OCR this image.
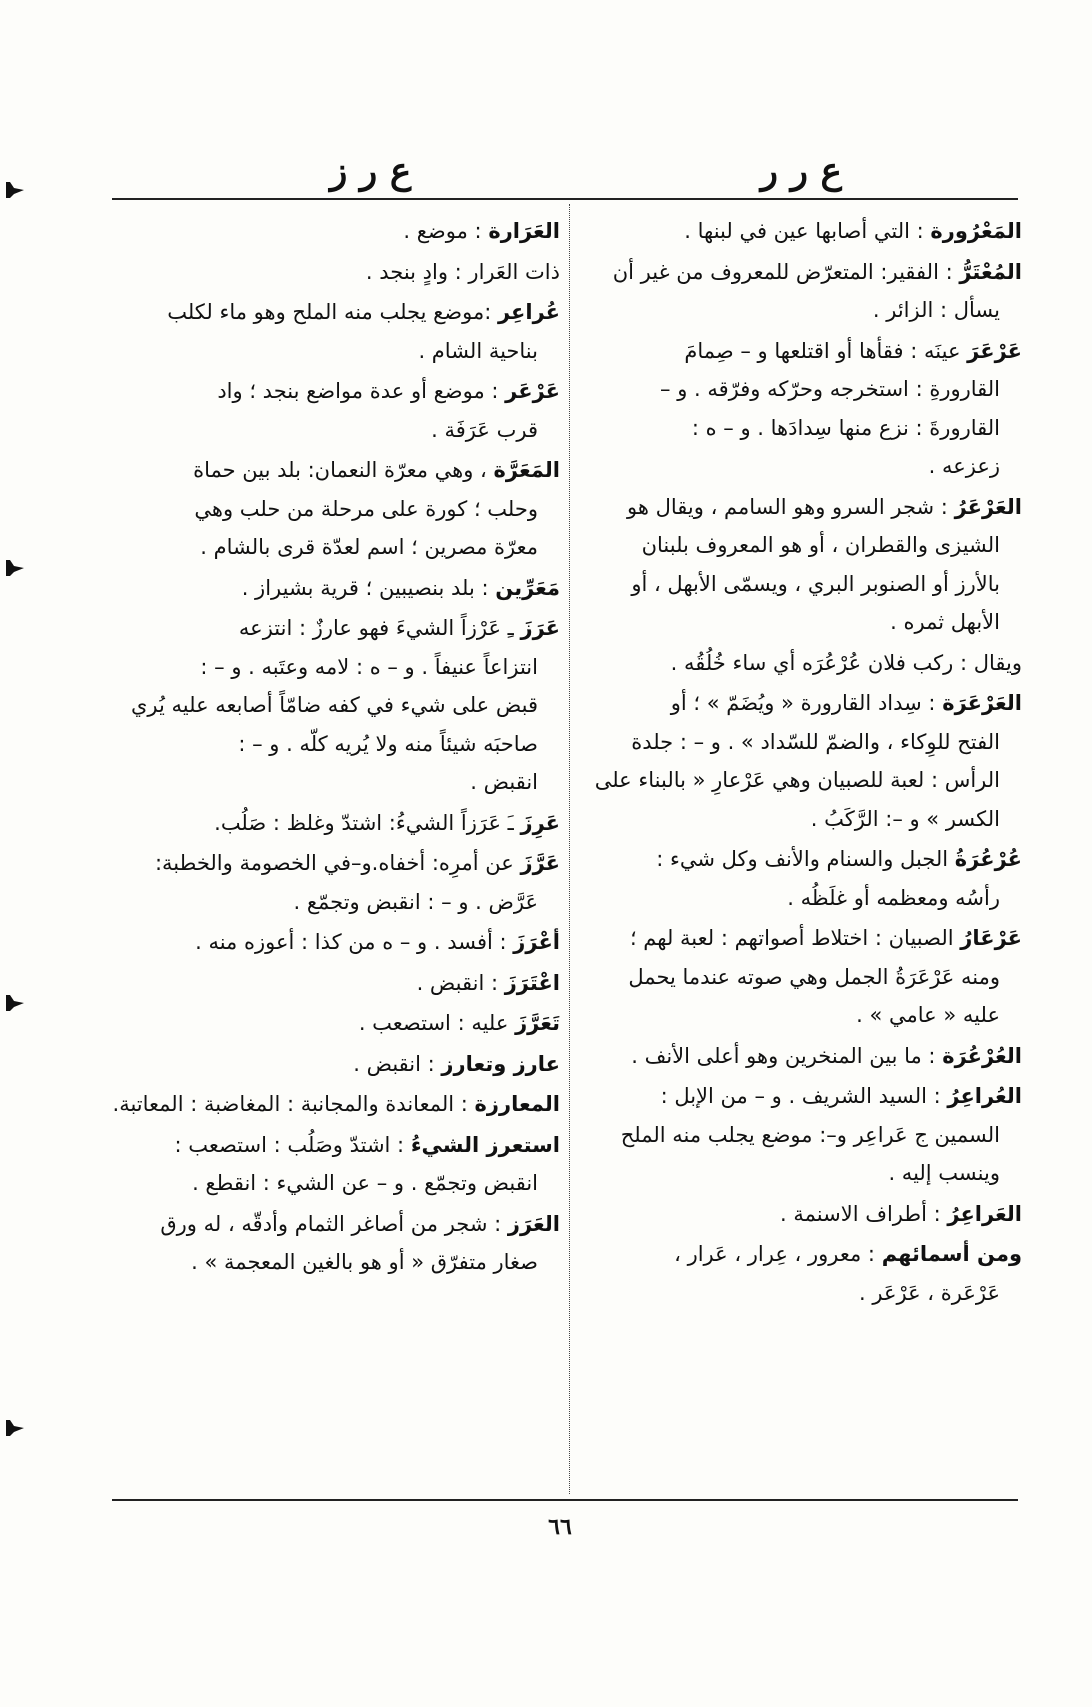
ع ر ر
ع ر ز
المَعْرُورة : التي أصابها عين في لبنها .
المُعْتَرُّ : الفقير: المتعرّض للمعروف من غير أن
يسأل : الزائر .
عَرْعَرَ عينَه : فقأها أو اقتلعها و – صِمامَ
القارورةِ : استخرجه وحرّكه وفرّقه . و –
القارورةَ : نزع منها سِدادَها . و – ه :
زعزعه .
العَرْعَرُ : شجر السرو وهو السامم ، ويقال هو
الشيزى والقطران ، أو هو المعروف بلبنان
بالأرز أو الصنوبر البري ، ويسمّى الأبهل ، أو
الأبهل ثمره .
ويقال : ركب فلان عُرْعُرَه أي ساء خُلُقُه .
العَرْعَرَة : سِداد القارورة « ويُضَمّ » ؛ أو
الفتح للوِكاء ، والضمّ للسّداد » . و – : جلدة
الرأس : لعبة للصبيان وهي عَرْعارِ « بالبناء على
الكسر » و –: الرَّكَبُ .
عُرْعُرَةُ الجبل والسنام والأنف وكل شيء :
رأسُه ومعظمه أو غلَظُه .
عَرْعَارُ الصبيان : اختلاط أصواتهم : لعبة لهم ؛
ومنه عَرْعَرَةُ الجمل وهي صوته عندما يحمل
عليه « عامي » .
العُرْعُرَة : ما بين المنخرين وهو أعلى الأنف .
العُراعِرُ : السيد الشريف . و – من الإبل :
السمين ج عَراعِر و–: موضع يجلب منه الملح
وينسب إليه .
العَراعِرُ : أطراف الاسنمة .
ومن أسمائهم : معرور ، عِرار ، عَرار ،
عَرْعَرة ، عَرْعَر .
العَرَارة : موضع .
ذات العَرار : وادٍ بنجد .
عُراعِر :موضع يجلب منه الملح وهو ماء لكلب
بناحية الشام .
عَرْعَر : موضع أو عدة مواضع بنجد ؛ واد
قرب عَرَفَة .
المَعَرَّة ، وهي معرّة النعمان: بلد بين حماة
وحلب ؛ كورة على مرحلة من حلب وهي
معرّة مصرين ؛ اسم لعدّة قرى بالشام .
مَعَرِّين : بلد بنصيبين ؛ قرية بشيراز .
عَرَزَ ـِ عَرْزاً الشيءَ فهو عارزٌ : انتزعه
انتزاعاً عنيفاً . و – ه : لامه وعتَبه . و – :
قبض على شيء في كفه ضامّاً أصابعه عليه يُري
صاحبَه شيئاً منه ولا يُريه كلّه . و – :
انقبض .
عَرِزَ ـَ عَرَزاً الشيءُ: اشتدّ وغلظ : صَلُب.
عَرَّزَ عن أمرِه: أخفاه.و–في الخصومة والخطبة:
عَرَّض . و – : انقبض وتجمّع .
أعْرَزَ : أفسد . و – ه من كذا : أعوزه منه .
اعْتَرَزَ : انقبض .
تَعَرَّزَ عليه : استصعب .
عارز وتعارز : انقبض .
المعارزة : المعاندة والمجانبة : المغاضبة : المعاتبة.
استعرز الشيءُ : اشتدّ وصَلُب : استصعب :
انقبض وتجمّع . و – عن الشيء : انقطع .
العَرَز : شجر من أصاغر الثمام وأدقّه ، له ورق
صغار متفرّق « أو هو بالغين المعجمة » .
٦٦
